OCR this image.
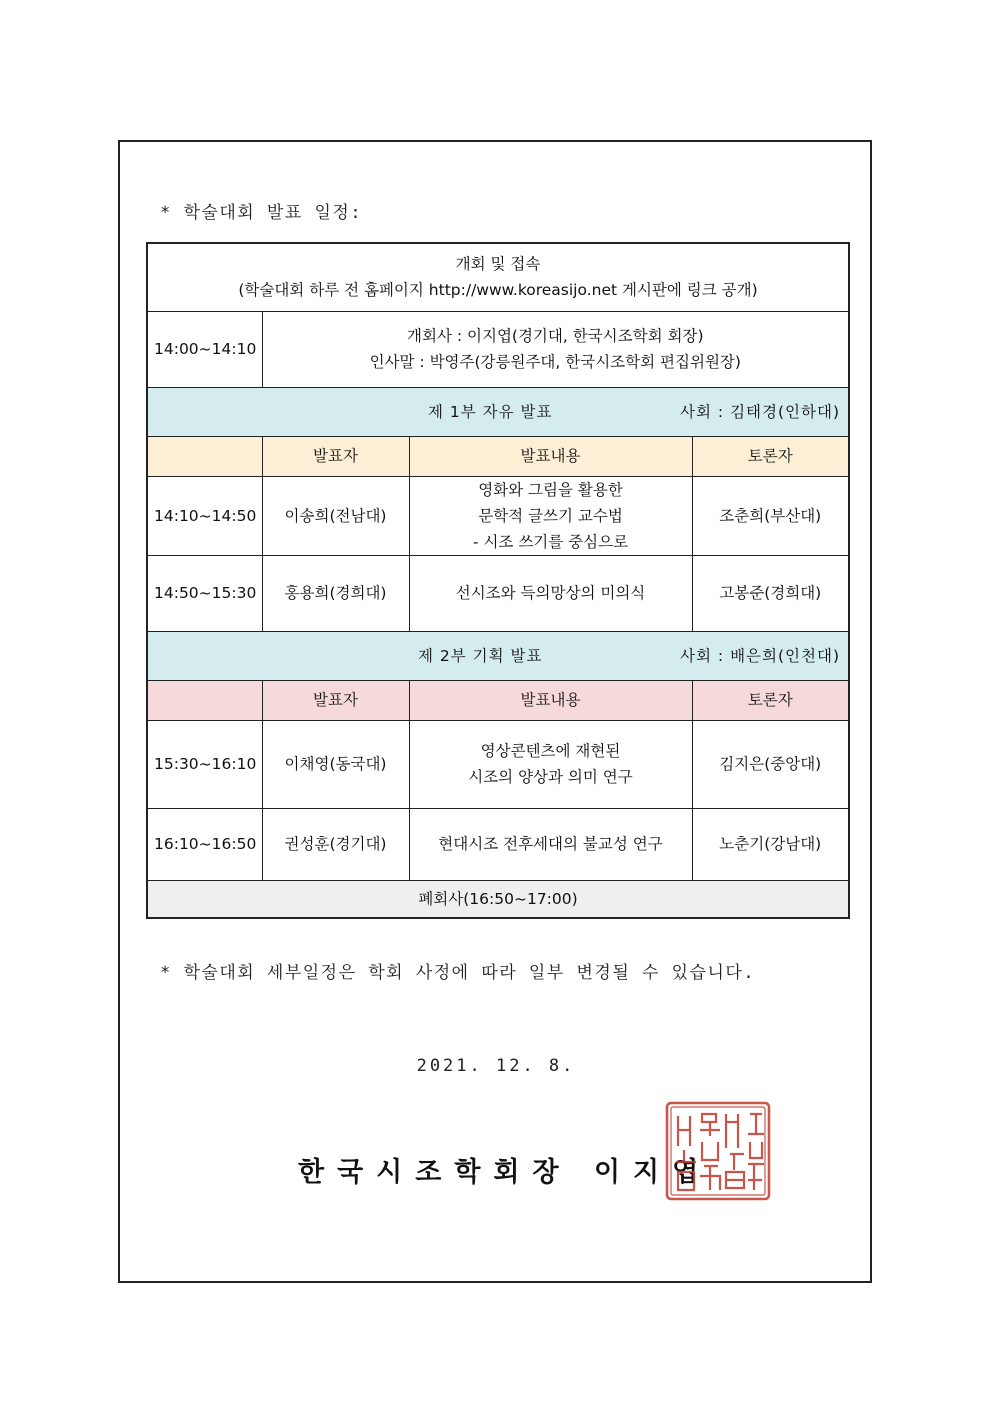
* 학술대회 발표 일정:
개회 및 접속
(학술대회 하루 전 홈페이지 http://www.koreasijo.net 게시판에 링크 공개)			

14:00~14:10	개회사 : 이지엽(경기대, 한국시조학회 회장)
인사말 : 박영주(강릉원주대, 한국시조학회 편집위원장)		

제 1부 자유 발표 사회 : 김태경(인하대)			

	발표자	발표내용	토론자
14:10~14:50	이송희(전남대)	영화와 그림을 활용한
문학적 글쓰기 교수법
- 시조 쓰기를 중심으로	조춘희(부산대)
14:50~15:30	홍용희(경희대)	선시조와 득의망상의 미의식	고봉준(경희대)

제 2부 기획 발표 사회 : 배은희(인천대)			

	발표자	발표내용	토론자
15:30~16:10	이채영(동국대)	영상콘텐츠에 재현된
시조의 양상과 의미 연구	김지은(중앙대)
16:10~16:50	권성훈(경기대)	현대시조 전후세대의 불교성 연구	노춘기(강남대)
폐회사(16:50~17:00)			
* 학술대회 세부일정은 학회 사정에 따라 일부 변경될 수 있습니다.
2021. 12. 8.
한국시조학회장 이지엽
